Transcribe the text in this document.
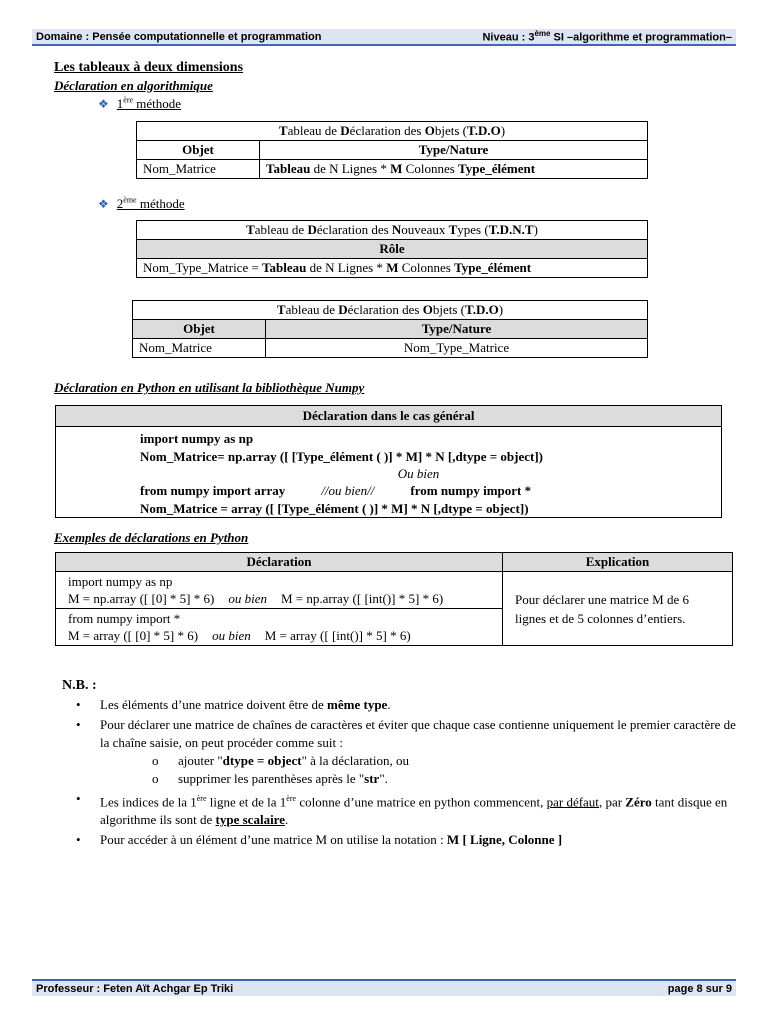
Domaine : Pensée computationnelle et programmation	Niveau : 3ème SI –algorithme et programmation–
Les tableaux à deux dimensions
Déclaration en algorithmique
❖ 1ère méthode
Tableau de Déclaration des Objets (T.D.O)	
Objet	Type/Nature
Nom_Matrice	Tableau de N Lignes * M Colonnes Type_élément
❖ 2ème méthode
Tableau de Déclaration des Nouveaux Types (T.D.N.T)
Rôle
Nom_Type_Matrice = Tableau de N Lignes * M Colonnes Type_élément
Tableau de Déclaration des Objets (T.D.O)	
Objet	Type/Nature
Nom_Matrice	Nom_Type_Matrice
Déclaration en Python en utilisant la bibliothèque Numpy
Déclaration dans le cas général
import numpy as np
Nom_Matrice= np.array ([ [Type_élément ( )] * M] * N [,dtype = object])
Ou bien
from numpy import array	//ou bien//	from numpy import *
Nom_Matrice = array ([ [Type_élément ( )] * M] * N [,dtype = object])
Exemples de déclarations en Python
Déclaration	Explication

import numpy as np
M = np.array ([ [0] * 5] * 6) ou bien M = np.array ([ [int()] * 5] * 6)	Pour déclarer une matrice M de 6 lignes et de 5 colonnes d’entiers.

from numpy import *
M = array ([ [0] * 5] * 6) ou bien M = array ([ [int()] * 5] * 6)	
N.B. :
• Les éléments d’une matrice doivent être de même type.
• Pour déclarer une matrice de chaînes de caractères et éviter que chaque case contienne uniquement le premier caractère de la chaîne saisie, on peut procéder comme suit :
o ajouter "dtype = object" à la déclaration, ou
o supprimer les parenthèses après le "str".
• Les indices de la 1ère ligne et de la 1ère colonne d’une matrice en python commencent, par défaut, par Zéro tant disque en algorithme ils sont de type scalaire.
• Pour accéder à un élément d’une matrice M on utilise la notation : M [ Ligne, Colonne ]
Professeur : Feten Aït Achgar Ep Triki	page 8 sur 9
